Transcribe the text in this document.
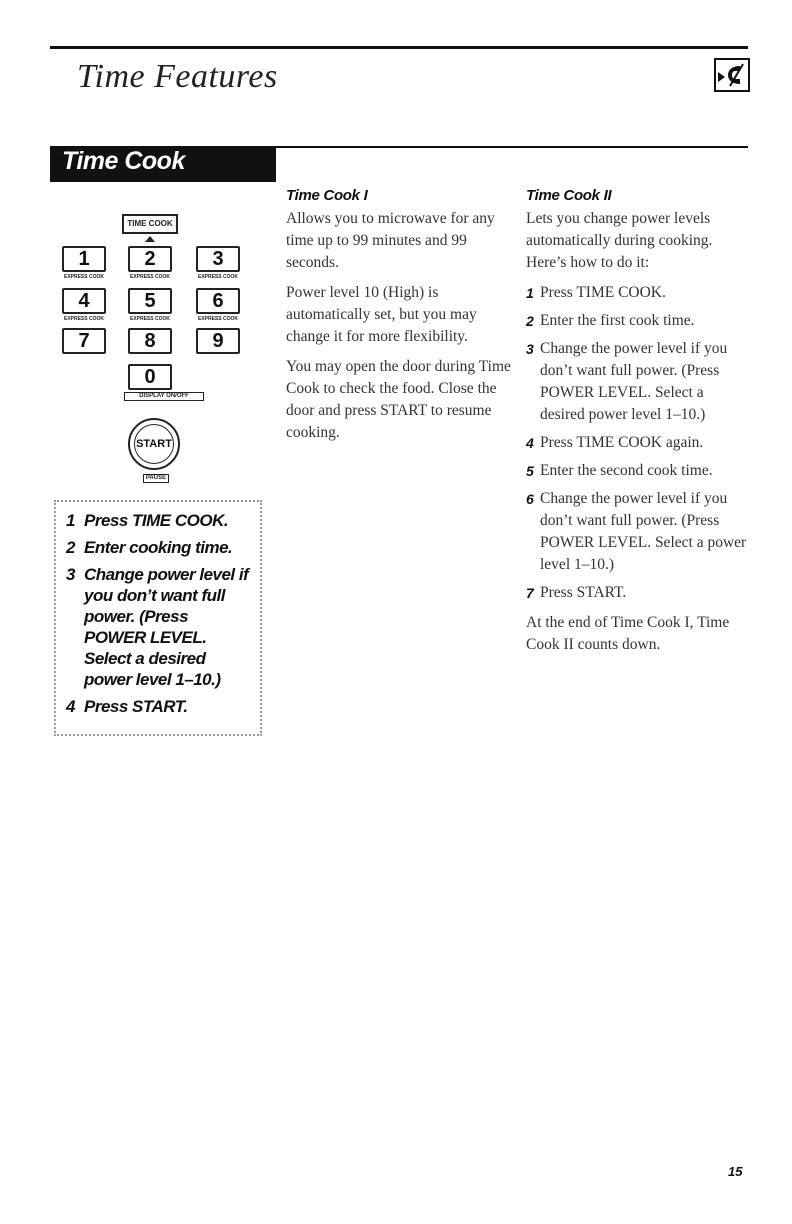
Time Features
Time Cook
TIME COOK
1
EXPRESS COOK
2
EXPRESS COOK
3
EXPRESS COOK
4
EXPRESS COOK
5
EXPRESS COOK
6
EXPRESS COOK
7	8	9
0
DISPLAY ON/OFF
START
PAUSE
1 Press TIME COOK.
2 Enter cooking time.
3 Change power level if you don’t want full power. (Press POWER LEVEL. Select a desired power level 1–10.)
4 Press START.
Time Cook I

Allows you to microwave for any time up to 99 minutes and 99 seconds.

Power level 10 (High) is automatically set, but you may change it for more flexibility.

You may open the door during Time Cook to check the food. Close the door and press START to resume cooking.

Time Cook II

Lets you change power levels automatically during cooking. Here’s how to do it:

1 Press TIME COOK.
2 Enter the first cook time.
3 Change the power level if you don’t want full power. (Press POWER LEVEL. Select a desired power level 1–10.)
4 Press TIME COOK again.
5 Enter the second cook time.
6 Change the power level if you don’t want full power. (Press POWER LEVEL. Select a power level 1–10.)
7 Press START.

At the end of Time Cook I, Time Cook II counts down.

15
